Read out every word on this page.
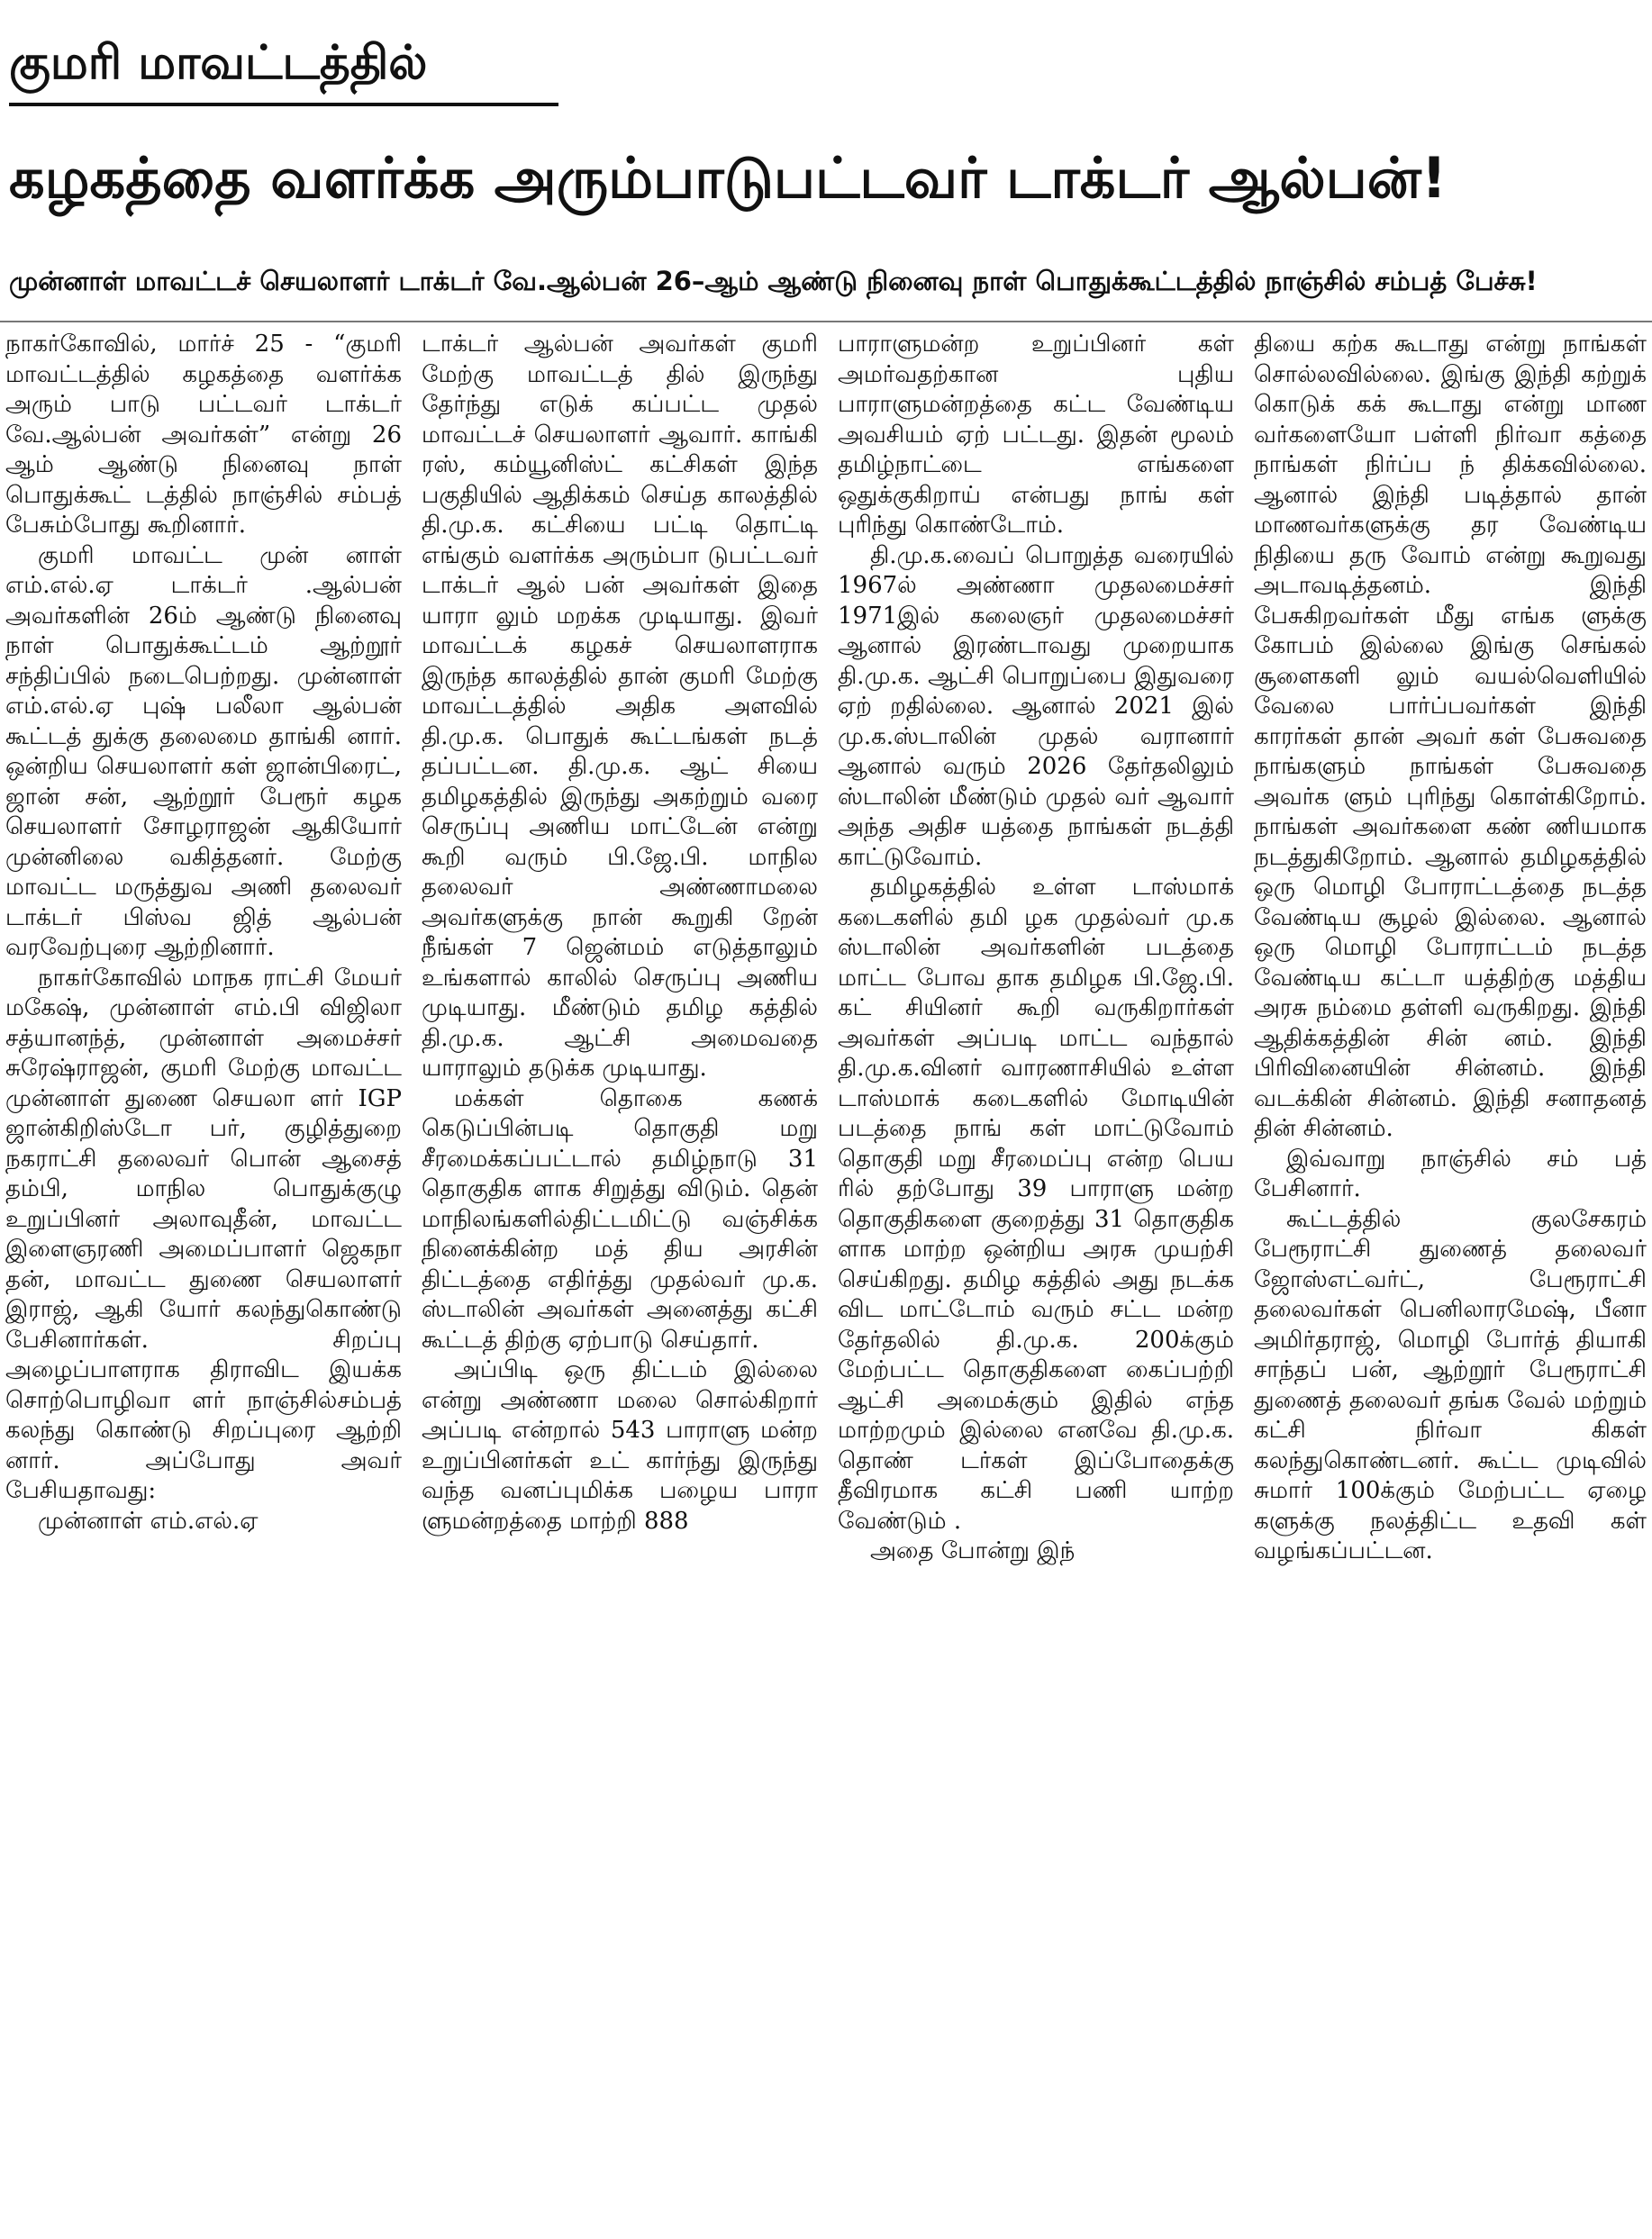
குமரி மாவட்டத்தில்
கழகத்தை வளர்க்க அரும்பாடுபட்டவர் டாக்டர் ஆல்பன்!
முன்னாள் மாவட்டச் செயலாளர் டாக்டர் வே.ஆல்பன் 26–ஆம் ஆண்டு நினைவு நாள் பொதுக்கூட்டத்தில் நாஞ்சில் சம்பத் பேச்சு!

நாகர்கோவில், மார்ச் 25 - “குமரி மாவட்டத்தில் கழகத்தை வளர்க்க அரும் பாடு பட்டவர் டாக்டர் வே.ஆல்பன் அவர்கள்” என்று 26 ஆம் ஆண்டு நினைவு நாள் பொதுக்கூட் டத்தில் நாஞ்சில் சம்பத் பேசும்போது கூறினார்.

குமரி மாவட்ட முன் னாள் எம்.எல்.ஏ டாக்டர் .ஆல்பன் அவர்களின் 26ம் ஆண்டு நினைவு நாள் பொதுக்கூட்டம் ஆற்றூர் சந்திப்பில் நடைபெற்றது. முன்னாள் எம்.எல்.ஏ புஷ் பலீலா ஆல்பன் கூட்டத் துக்கு தலைமை தாங்கி னார். ஒன்றிய செயலாளர் கள் ஜான்பிரைட், ஜான் சன், ஆற்றூர் பேரூர் கழக செயலாளர் சோழராஜன் ஆகியோர் முன்னிலை வகித்தனர். மேற்கு மாவட்ட மருத்துவ அணி தலைவர் டாக்டர் பிஸ்வ ஜித் ஆல்பன் வரவேற்புரை ஆற்றினார்.

நாகர்கோவில் மாநக ராட்சி மேயர் மகேஷ், முன்னாள் எம்.பி விஜிலா சத்யானந்த், முன்னாள் அமைச்சர் சுரேஷ்ராஜன், குமரி மேற்கு மாவட்ட முன்னாள் துணை செயலா ளர் IGP ஜான்கிறிஸ்டோ பர், குழித்துறை நகராட்சி தலைவர் பொன் ஆசைத் தம்பி, மாநில பொதுக்குழு உறுப்பினர் அலாவுதீன், மாவட்ட இளைஞரணி அமைப்பாளர் ஜெகநா தன், மாவட்ட துணை செயலாளர் இராஜ், ஆகி யோர் கலந்துகொண்டு பேசினார்கள். சிறப்பு அழைப்பாளராக திராவிட இயக்க சொற்பொழிவா ளர் நாஞ்சில்சம்பத் கலந்து கொண்டு சிறப்புரை ஆற்றி னார். அப்போது அவர் பேசியதாவது:

முன்னாள் எம்.எல்.ஏ

டாக்டர் ஆல்பன் அவர்கள் குமரி மேற்கு மாவட்டத் தில் இருந்து தேர்ந்து எடுக் கப்பட்ட முதல் மாவட்டச் செயலாளர் ஆவார். காங்கி ரஸ், கம்யூனிஸ்ட் கட்சிகள் இந்த பகுதியில் ஆதிக்கம் செய்த காலத்தில் தி.மு.க. கட்சியை பட்டி தொட்டி எங்கும் வளர்க்க அரும்பா டுபட்டவர் டாக்டர் ஆல் பன் அவர்கள் இதை யாரா லும் மறக்க முடியாது. இவர் மாவட்டக் கழகச் செயலாளராக இருந்த காலத்தில் தான் குமரி மேற்கு மாவட்டத்தில் அதிக அளவில் தி.மு.க. பொதுக் கூட்டங்கள் நடத் தப்பட்டன. தி.மு.க. ஆட் சியை தமிழகத்தில் இருந்து அகற்றும் வரை செருப்பு அணிய மாட்டேன் என்று கூறி வரும் பி.ஜே.பி. மாநில தலைவர் அண்ணாமலை அவர்களுக்கு நான் கூறுகி றேன் நீங்கள் 7 ஜென்மம் எடுத்தாலும் உங்களால் காலில் செருப்பு அணிய முடியாது. மீண்டும் தமிழ கத்தில் தி.மு.க. ஆட்சி அமைவதை யாராலும் தடுக்க முடியாது.

மக்கள் தொகை கணக் கெடுப்பின்படி தொகுதி மறு சீரமைக்கப்பட்டால் தமிழ்நாடு 31 தொகுதிக ளாக சிறுத்து விடும். தென் மாநிலங்களில்திட்டமிட்டு வஞ்சிக்க நினைக்கின்ற மத் திய அரசின் திட்டத்தை எதிர்த்து முதல்வர் மு.க. ஸ்டாலின் அவர்கள் அனைத்து கட்சி கூட்டத் திற்கு ஏற்பாடு செய்தார்.

அப்பிடி ஒரு திட்டம் இல்லை என்று அண்ணா மலை சொல்கிறார் அப்படி என்றால் 543 பாராளு மன்ற உறுப்பினர்கள் உட் கார்ந்து இருந்து வந்த வனப்புமிக்க பழைய பாரா ளுமன்றத்தை மாற்றி 888

பாராளுமன்ற உறுப்பினர் கள் அமர்வதற்கான புதிய பாராளுமன்றத்தை கட்ட வேண்டிய அவசியம் ஏற் பட்டது. இதன் மூலம் தமிழ்நாட்டை எங்களை ஒதுக்குகிறாய் என்பது நாங் கள் புரிந்து கொண்டோம்.

தி.மு.க.வைப் பொறுத்த வரையில் 1967ல் அண்ணா முதலமைச்சர் 1971இல் கலைஞர் முதலமைச்சர் ஆனால் இரண்டாவது முறையாக தி.மு.க. ஆட்சி பொறுப்பை இதுவரை ஏற் றதில்லை. ஆனால் 2021 இல் மு.க.ஸ்டாலின் முதல் வரானார் ஆனால் வரும் 2026 தேர்தலிலும் ஸ்டாலின் மீண்டும் முதல் வர் ஆவார் அந்த அதிச யத்தை நாங்கள் நடத்தி காட்டுவோம்.

தமிழகத்தில் உள்ள டாஸ்மாக் கடைகளில் தமி ழக முதல்வர் மு.க ஸ்டாலின் அவர்களின் படத்தை மாட்ட போவ தாக தமிழக பி.ஜே.பி. கட் சியினர் கூறி வருகிறார்கள் அவர்கள் அப்படி மாட்ட வந்தால் தி.மு.க.வினர் வாரணாசியில் உள்ள டாஸ்மாக் கடைகளில் மோடியின் படத்தை நாங் கள் மாட்டுவோம் தொகுதி மறு சீரமைப்பு என்ற பெய ரில் தற்போது 39 பாராளு மன்ற தொகுதிகளை குறைத்து 31 தொகுதிக ளாக மாற்ற ஒன்றிய அரசு முயற்சி செய்கிறது. தமிழ கத்தில் அது நடக்க விட மாட்டோம் வரும் சட்ட மன்ற தேர்தலில் தி.மு.க. 200க்கும் மேற்பட்ட தொகுதிகளை கைப்பற்றி ஆட்சி அமைக்கும் இதில் எந்த மாற்றமும் இல்லை எனவே தி.மு.க. தொண் டர்கள் இப்போதைக்கு தீவிரமாக கட்சி பணி யாற்ற வேண்டும் .

அதை போன்று இந்

தியை கற்க கூடாது என்று நாங்கள் சொல்லவில்லை. இங்கு இந்தி கற்றுக் கொடுக் கக் கூடாது என்று மாண வர்களையோ பள்ளி நிர்வா கத்தை நாங்கள் நிர்ப்ப ந் திக்கவில்லை. ஆனால் இந்தி படித்தால் தான் மாணவர்களுக்கு தர வேண்டிய நிதியை தரு வோம் என்று கூறுவது அடாவடித்தனம். இந்தி பேசுகிறவர்கள் மீது எங்க ளுக்கு கோபம் இல்லை இங்கு செங்கல் சூளைகளி லும் வயல்வெளியில் வேலை பார்ப்பவர்கள் இந்தி காரர்கள் தான் அவர் கள் பேசுவதை நாங்களும் நாங்கள் பேசுவதை அவர்க ளும் புரிந்து கொள்கிறோம். நாங்கள் அவர்களை கண் ணியமாக நடத்துகிறோம். ஆனால் தமிழகத்தில் ஒரு மொழி போராட்டத்தை நடத்த வேண்டிய சூழல் இல்லை. ஆனால் ஒரு மொழி போராட்டம் நடத்த வேண்டிய கட்டா யத்திற்கு மத்திய அரசு நம்மை தள்ளி வருகிறது. இந்தி ஆதிக்கத்தின் சின் னம். இந்தி பிரிவினையின் சின்னம். இந்தி வடக்கின் சின்னம். இந்தி சனாதனத் தின் சின்னம்.

இவ்வாறு நாஞ்சில் சம் பத் பேசினார்.

கூட்டத்தில் குலசேகரம் பேரூராட்சி துணைத் தலைவர் ஜோஸ்எட்வர்ட், பேரூராட்சி தலைவர்கள் பெனிலாரமேஷ், பீனா அமிர்தராஜ், மொழி போர்த் தியாகி சாந்தப் பன், ஆற்றூர் பேரூராட்சி துணைத் தலைவர் தங்க வேல் மற்றும் கட்சி நிர்வா கிகள் கலந்துகொண்டனர். கூட்ட முடிவில் சுமார் 100க்கும் மேற்பட்ட ஏழை களுக்கு நலத்திட்ட உதவி கள் வழங்கப்பட்டன.
